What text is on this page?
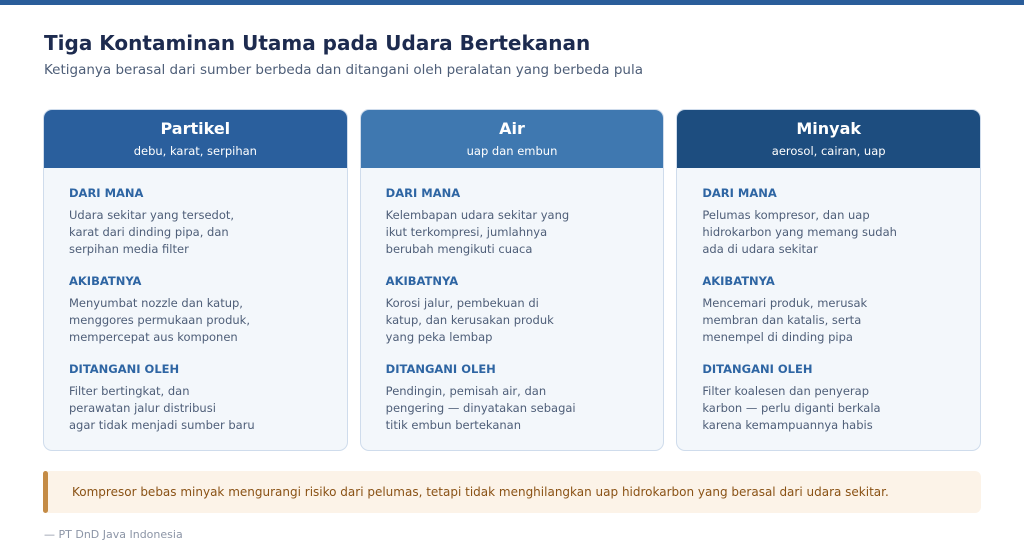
Tiga Kontaminan Utama pada Udara Bertekanan

Ketiganya berasal dari sumber berbeda dan ditangani oleh peralatan yang berbeda pula

Partikel
debu, karat, serpihan
DARI MANA
Udara sekitar yang tersedot,
karat dari dinding pipa, dan
serpihan media filter
AKIBATNYA
Menyumbat nozzle dan katup,
menggores permukaan produk,
mempercepat aus komponen
DITANGANI OLEH
Filter bertingkat, dan
perawatan jalur distribusi
agar tidak menjadi sumber baru
Air
uap dan embun
DARI MANA
Kelembapan udara sekitar yang
ikut terkompresi, jumlahnya
berubah mengikuti cuaca
AKIBATNYA
Korosi jalur, pembekuan di
katup, dan kerusakan produk
yang peka lembap
DITANGANI OLEH
Pendingin, pemisah air, dan
pengering — dinyatakan sebagai
titik embun bertekanan
Minyak
aerosol, cairan, uap
DARI MANA
Pelumas kompresor, dan uap
hidrokarbon yang memang sudah
ada di udara sekitar
AKIBATNYA
Mencemari produk, merusak
membran dan katalis, serta
menempel di dinding pipa
DITANGANI OLEH
Filter koalesen dan penyerap
karbon — perlu diganti berkala
karena kemampuannya habis
Kompresor bebas minyak mengurangi risiko dari pelumas, tetapi tidak menghilangkan uap hidrokarbon yang berasal dari udara sekitar.
— PT DnD Java Indonesia
